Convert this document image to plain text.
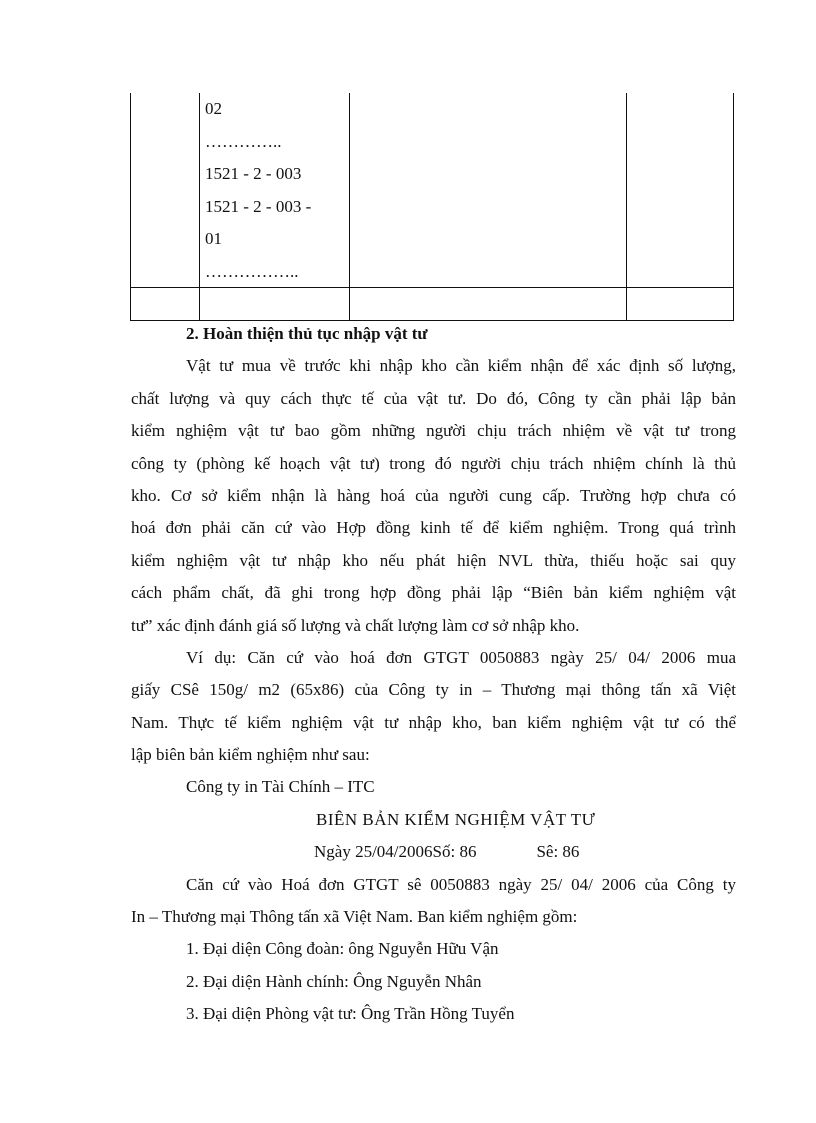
02
…………..
1521 - 2 - 003
1521 - 2 - 003 -
01
……………..
2. Hoàn thiện thủ tục nhập vật tư
Vật tư mua về trước khi nhập kho cần kiểm nhận để xác định số lượng,
chất lượng và quy cách thực tế của vật tư. Do đó, Công ty cần phải lập bản
kiểm nghiệm vật tư bao gồm những người chịu trách nhiệm về vật tư trong
công ty (phòng kế hoạch vật tư) trong đó người chịu trách nhiệm chính là thủ
kho. Cơ sở kiểm nhận là hàng hoá của người cung cấp. Trường hợp chưa có
hoá đơn phải căn cứ vào Hợp đồng kinh tế để kiểm nghiệm. Trong quá trình
kiểm nghiệm vật tư nhập kho nếu phát hiện NVL thừa, thiếu hoặc sai quy
cách phẩm chất, đã ghi trong hợp đồng phải lập “Biên bản kiểm nghiệm vật
tư” xác định đánh giá số lượng và chất lượng làm cơ sở nhập kho.
Ví dụ: Căn cứ vào hoá đơn GTGT 0050883 ngày 25/ 04/ 2006 mua
giấy CSê 150g/ m2 (65x86) của Công ty in – Thương mại thông tấn xã Việt
Nam. Thực tế kiểm nghiệm vật tư nhập kho, ban kiểm nghiệm vật tư có thể
lập biên bản kiểm nghiệm như sau:
Công ty in Tài Chính – ITC
BIÊN BẢN KIỂM NGHIỆM VẬT TƯ
Ngày 25/04/2006Số: 86	Sê: 86
Căn cứ vào Hoá đơn GTGT sê 0050883 ngày 25/ 04/ 2006 của Công ty
In – Thương mại Thông tấn xã Việt Nam. Ban kiểm nghiệm gồm:
1. Đại diện Công đoàn: ông Nguyễn Hữu Vận
2. Đại diện Hành chính: Ông Nguyễn Nhân
3. Đại diện Phòng vật tư: Ông Trần Hồng Tuyển
